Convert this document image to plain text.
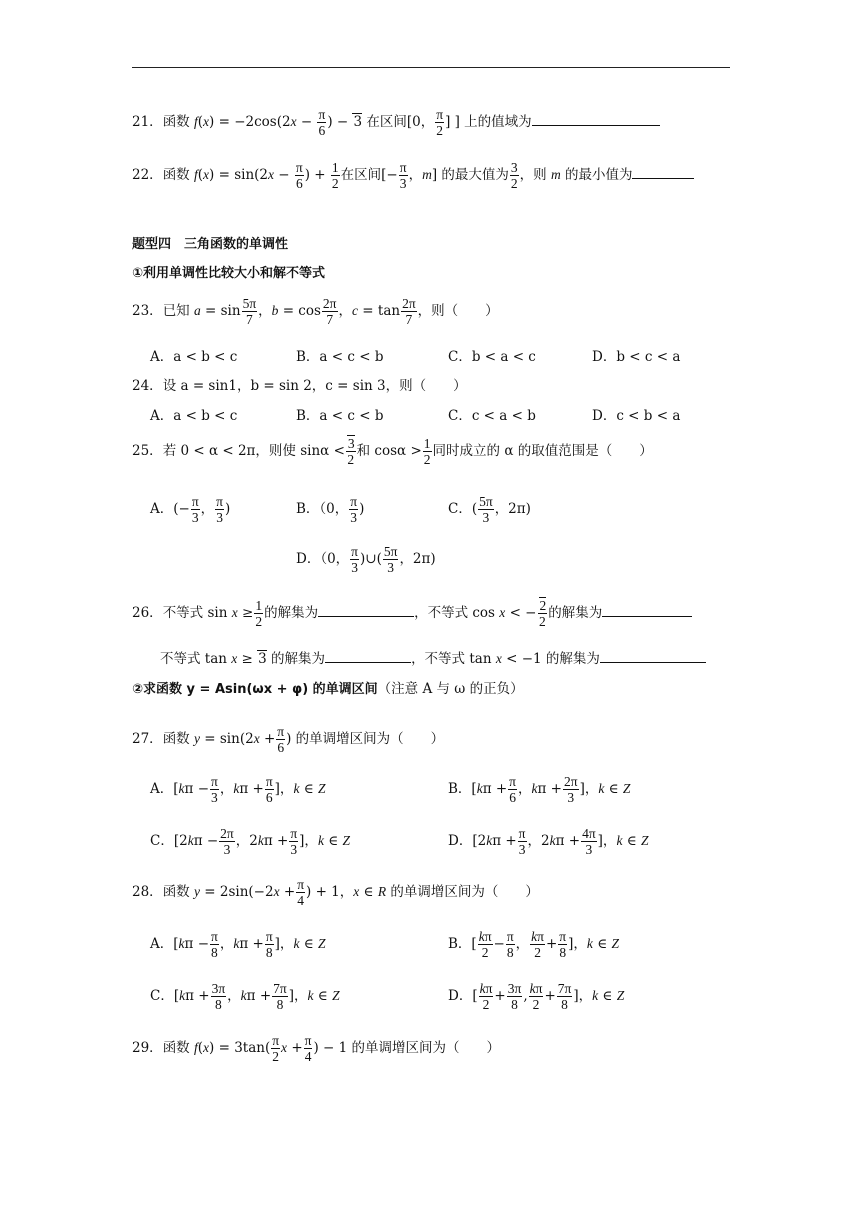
21．函数 $f(x) = -2\cos(2x - \frac{\pi}{6}$ ) − 3 在区间[0， $\frac{\pi}{2}$ ] ] 上的值域为
22．函数 $f(x) = \sin(2x - \frac{\pi}{6}$ ) + $\frac{1}{2}$ 在区间[− $\frac{\pi}{3}$ ，m] 的最大值为 $\frac{3}{2}$ ，则 m 的最小值为
题型四　三角函数的单调性
①利用单调性比较大小和解不等式
23．已知 $a = \sin \frac{5\pi}{7}$ ，$b = \cos \frac{2\pi}{7}$ ，$c = \tan \frac{2\pi}{7}$ ，则（　　）
A．a < b < c	B．a < c < b	C．b < a < c	D．b < c < a
24．设 a = sin1，b = sin 2，c = sin 3，则（　　）
A．a < b < c	B．a < c < b	C．c < a < b	D．c < b < a
25．若 0 < α < 2π，则使 $\sin\alpha < \frac{3}{2}$ 和 $\cos\alpha > \frac{1}{2}$ 同时成立的 α 的取值范围是（　　）
A．(− $\frac{\pi}{3}$ ， $\frac{\pi}{3}$ )	B．（0， $\frac{\pi}{3}$ )	C．( $\frac{5\pi}{3}$ ，2π)
D．（0， $\frac{\pi}{3}$ )∪( $\frac{5\pi}{3}$ ，2π)
26．不等式 $\sin x \ge \frac{1}{2}$ 的解集为	，不等式 cos x < − $\frac{2}{2}$ 的解集为
不等式 tan x ≥ 3 的解集为	，不等式 tan x < −1 的解集为
②求函数 y = Asin(ωx + φ) 的单调区间（注意 A 与 ω 的正负）
27．函数 $y = \sin(2x + \frac{\pi}{6}$ ) 的单调增区间为（　　）
A．[$k\pi - \frac{\pi}{3}$ ，$k\pi + \frac{\pi}{6}$ ]，k ∈ Z	B．[$k\pi + \frac{\pi}{6}$ ，$k\pi + \frac{2\pi}{3}$ ]，k ∈ Z
C．[$2k\pi - \frac{2\pi}{3}$ ，$2k\pi + \frac{\pi}{3}$ ]，k ∈ Z	D．[$2k\pi + \frac{\pi}{3}$ ，$2k\pi + \frac{4\pi}{3}$ ]，k ∈ Z
28．函数 $y = 2\sin(-2x + \frac{\pi}{4}$ ) + 1，x ∈ R 的单调增区间为（　　）
A．[$k\pi - \frac{\pi}{8}$ ，$k\pi + \frac{\pi}{8}$ ]，k ∈ Z	B．[ $\frac{k\pi}{2} - \frac{\pi}{8}$ ， $\frac{k\pi}{2} + \frac{\pi}{8}$ ]，k ∈ Z
C．[$k\pi + \frac{3\pi}{8}$ ，$k\pi + \frac{7\pi}{8}$ ]，k ∈ Z	D．[ $\frac{k\pi}{2} + \frac{3\pi}{8}$ , $\frac{k\pi}{2} + \frac{7\pi}{8}$ ]，k ∈ Z
29．函数 $f(x) = 3\tan( \frac{\pi}{2}$ $x + \frac{\pi}{4}$ ) − 1 的单调增区间为（　　）
